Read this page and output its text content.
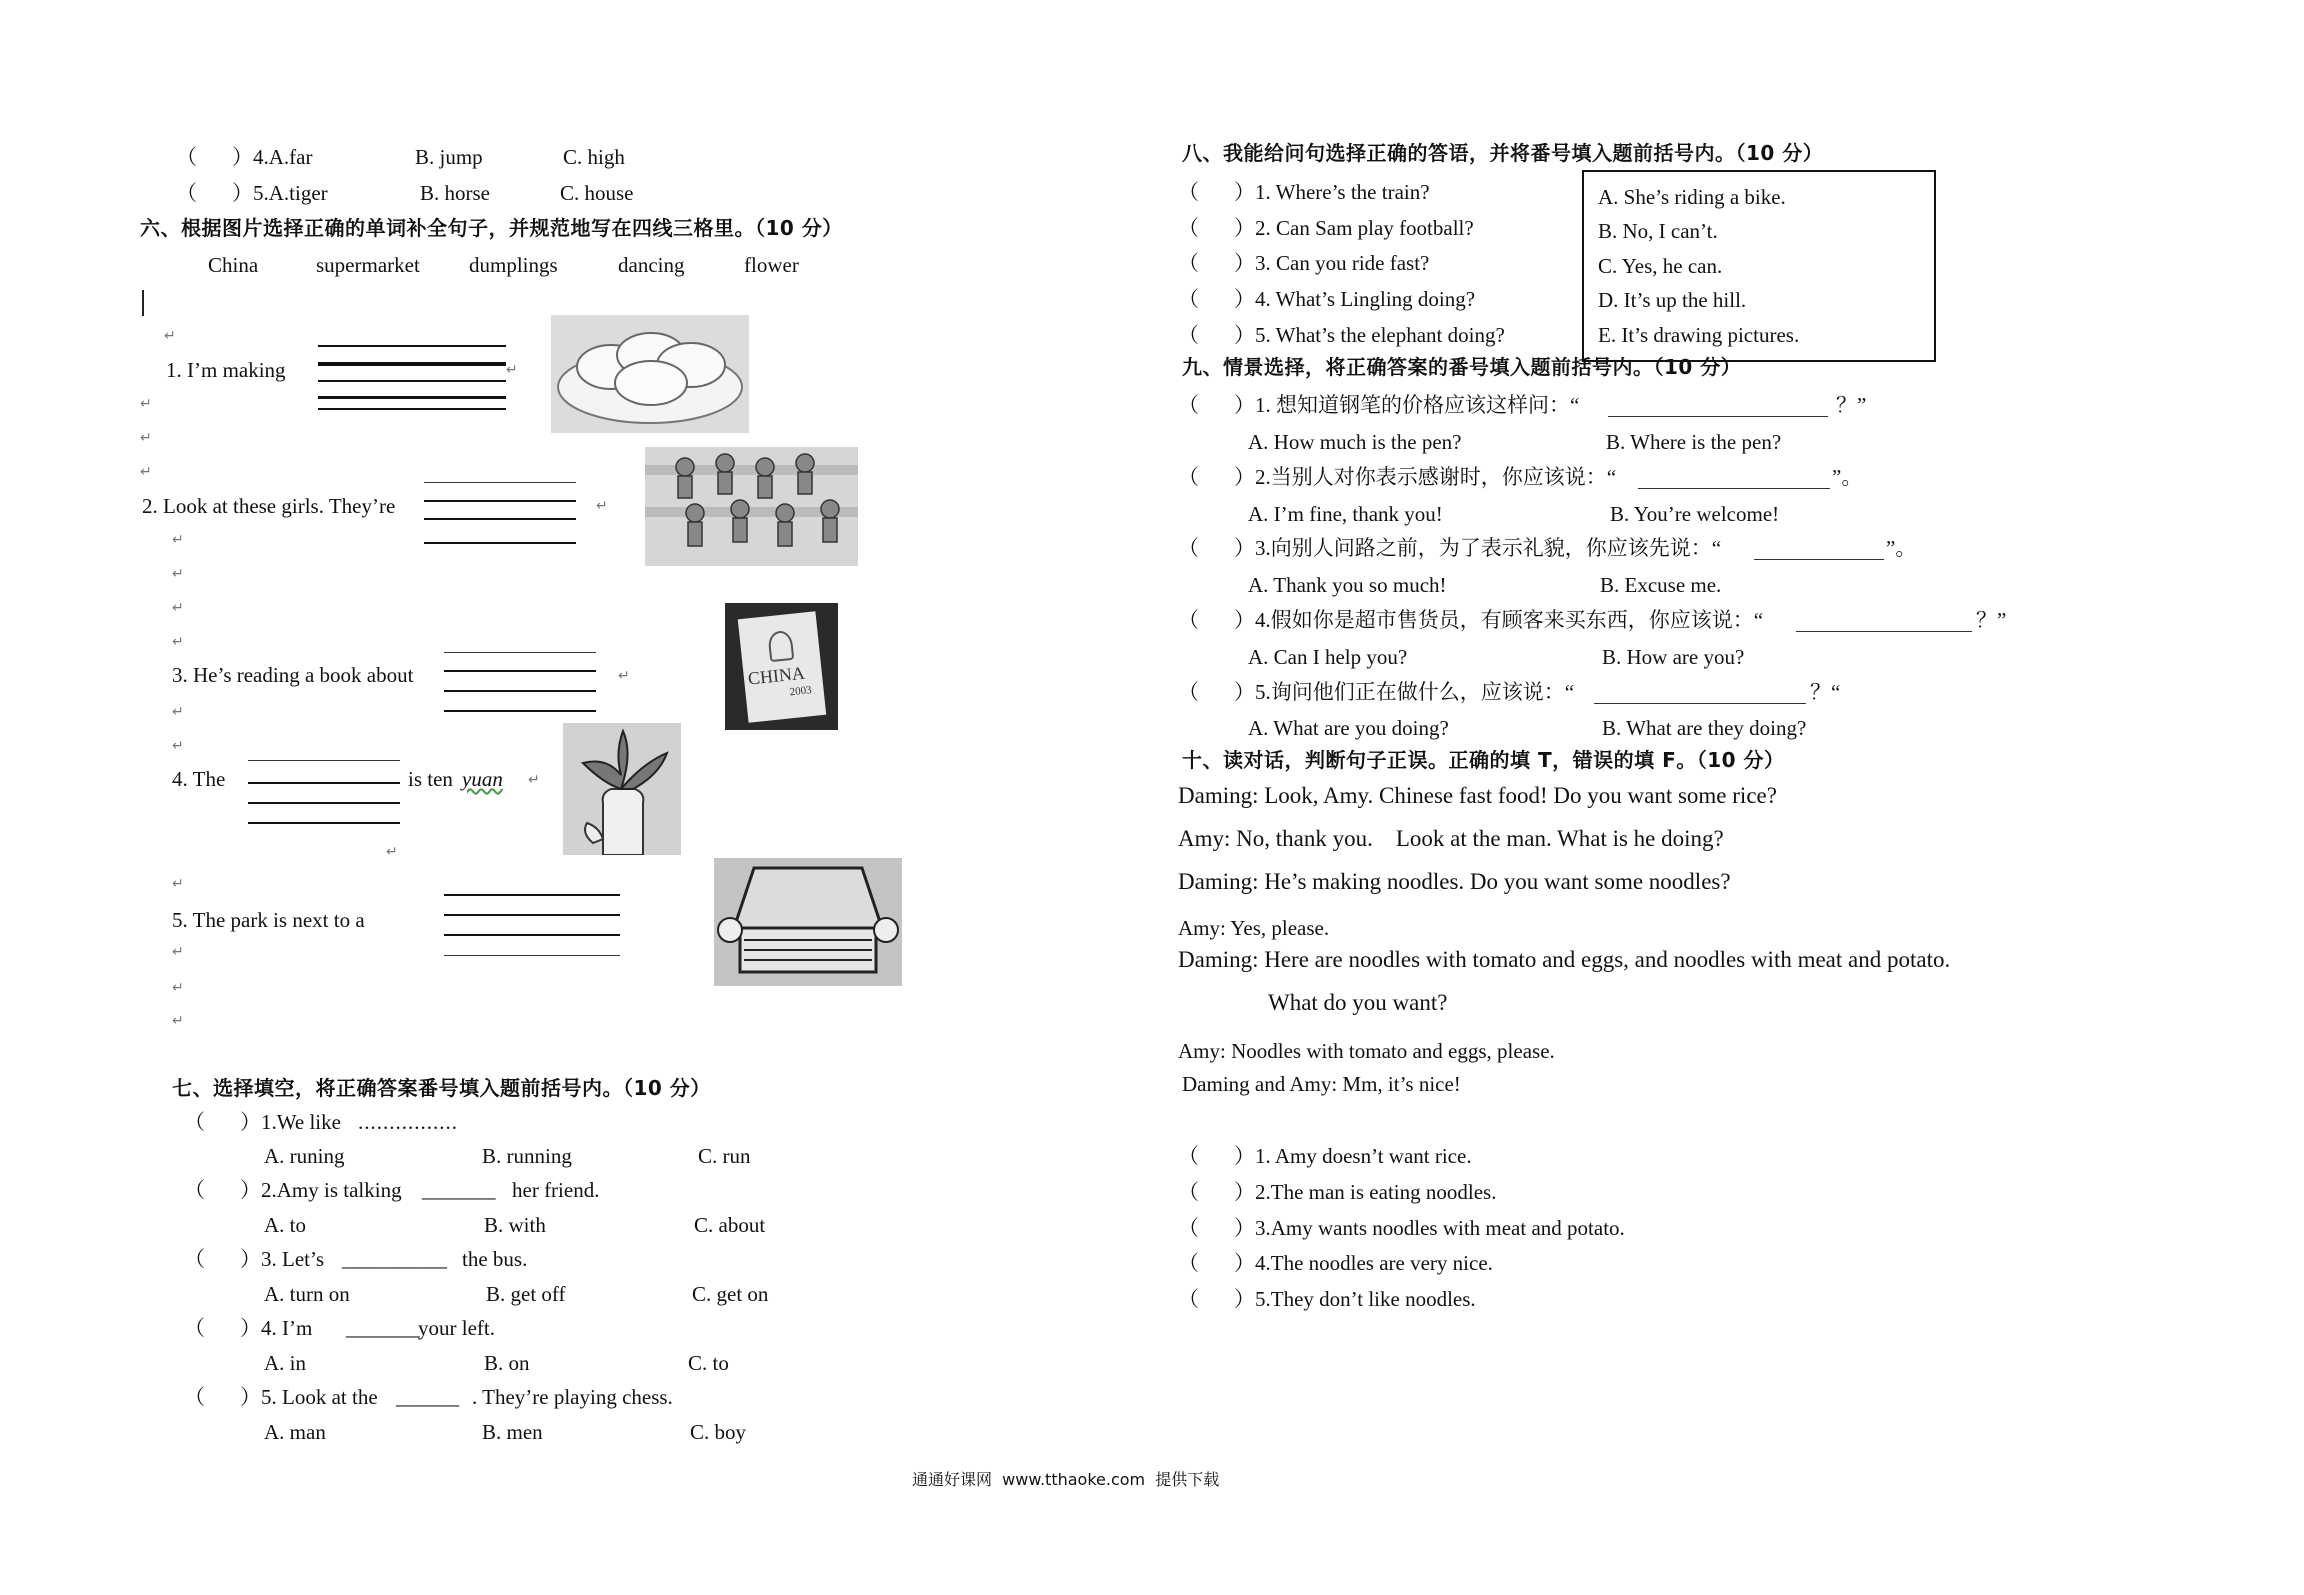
（ ）4.A.far	B. jump	C. high
（ ）5.A.tiger	B. horse	C. house
六、根据图片选择正确的单词补全句子，并规范地写在四线三格里。（10 分）
China	supermarket dumplings	dancing	flower
↵
1. I’m making	↵
↵
↵
↵
2. Look at these girls. They’re	↵
↵
↵
↵
↵
3. He’s reading a book about	↵	CHINA
2003
↵
↵
4. The	is ten yuan ↵
↵
↵
5. The park is next to a
↵
↵
↵
七、选择填空，将正确答案番号填入题前括号内。（10 分）
（ ）1.We like ................
A. runing	B. running	C. run
（ ）2.Amy is talking _______ her friend.
A. to	B. with	C. about
（ ）3. Let’s __________ the bus.
A. turn on	B. get off	C. get on
（ ）4. I’m _______
your left.
A. in	B. on	C. to
（ ）5. Look at the ______ . They’re playing chess.
A. man	B. men	C. boy
八、我能给问句选择正确的答语，并将番号填入题前括号内。（10 分）
（ ）1. Where’s the train?
（ ）2. Can Sam play football?
（ ）3. Can you ride fast?
（ ）4. What’s Lingling doing?
（ ）5. What’s the elephant doing?
A. She’s riding a bike.
B. No, I can’t.
C. Yes, he can.
D. It’s up the hill.
E. It’s drawing pictures.
九、情景选择，将正确答案的番号填入题前括号内。（10 分）
（ ）1. 想知道钢笔的价格应该这样问：“	？”
A. How much is the pen?	B. Where is the pen?
（ ）2.当别人对你表示感谢时，你应该说：“	”。
A. I’m fine, thank you!	B. You’re welcome!
（ ）3.向别人问路之前，为了表示礼貌，你应该先说：“	”。
A. Thank you so much!	B. Excuse me.
（ ）4.假如你是超市售货员，有顾客来买东西，你应该说：“	？”
A. Can I help you?	B. How are you?
（ ）5.询问他们正在做什么，应该说：“	？“
A. What are you doing?	B. What are they doing?
十、读对话，判断句子正误。正确的填 T，错误的填 F。（10 分）
Daming: Look, Amy. Chinese fast food! Do you want some rice?
Amy: No, thank you.    Look at the man. What is he doing?
Daming: He’s making noodles. Do you want some noodles?
Amy: Yes, please.
Daming: Here are noodles with tomato and eggs, and noodles with meat and potato.
What do you want?
Amy: Noodles with tomato and eggs, please.
Daming and Amy: Mm, it’s nice!
（ ）1. Amy doesn’t want rice.
（ ）2.The man is eating noodles.
（ ）3.Amy wants noodles with meat and potato.
（ ）4.The noodles are very nice.
（ ）5.They don’t like noodles.
通通好课网  www.tthaoke.com  提供下载
